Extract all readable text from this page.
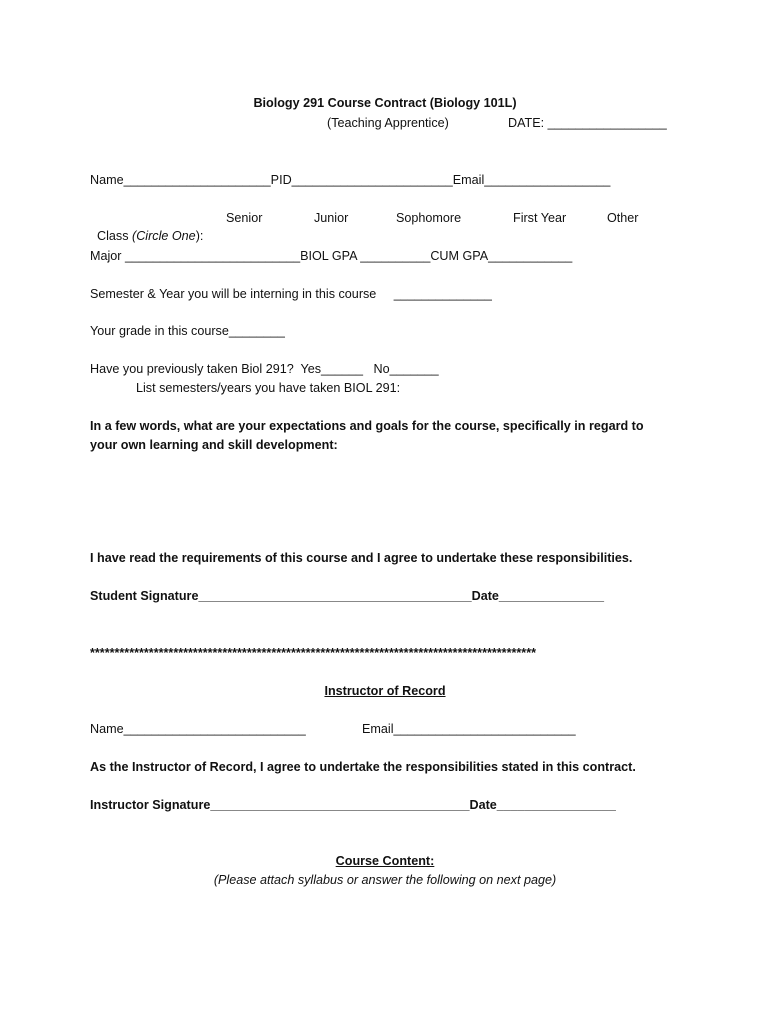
Biology 291 Course Contract (Biology 101L)
(Teaching Apprentice)	DATE: _________________
Name_____________________PID_______________________Email__________________

Class (Circle One):

Senior	Junior	Sophomore	First Year	Other
Major _________________________BIOL GPA __________CUM GPA____________
Semester & Year you will be interning in this course     ______________
Your grade in this course________
Have you previously taken Biol 291?  Yes______   No_______
List semesters/years you have taken BIOL 291:
In a few words, what are your expectations and goals for the course, specifically in regard to
your own learning and skill development:
I have read the requirements of this course and I agree to undertake these responsibilities.
Student Signature_______________________________________Date_______________
*******************************************************************************************
Instructor of Record
Name__________________________	Email__________________________
As the Instructor of Record, I agree to undertake the responsibilities stated in this contract.
Instructor Signature_____________________________________Date_________________
Course Content:
(Please attach syllabus or answer the following on next page)
